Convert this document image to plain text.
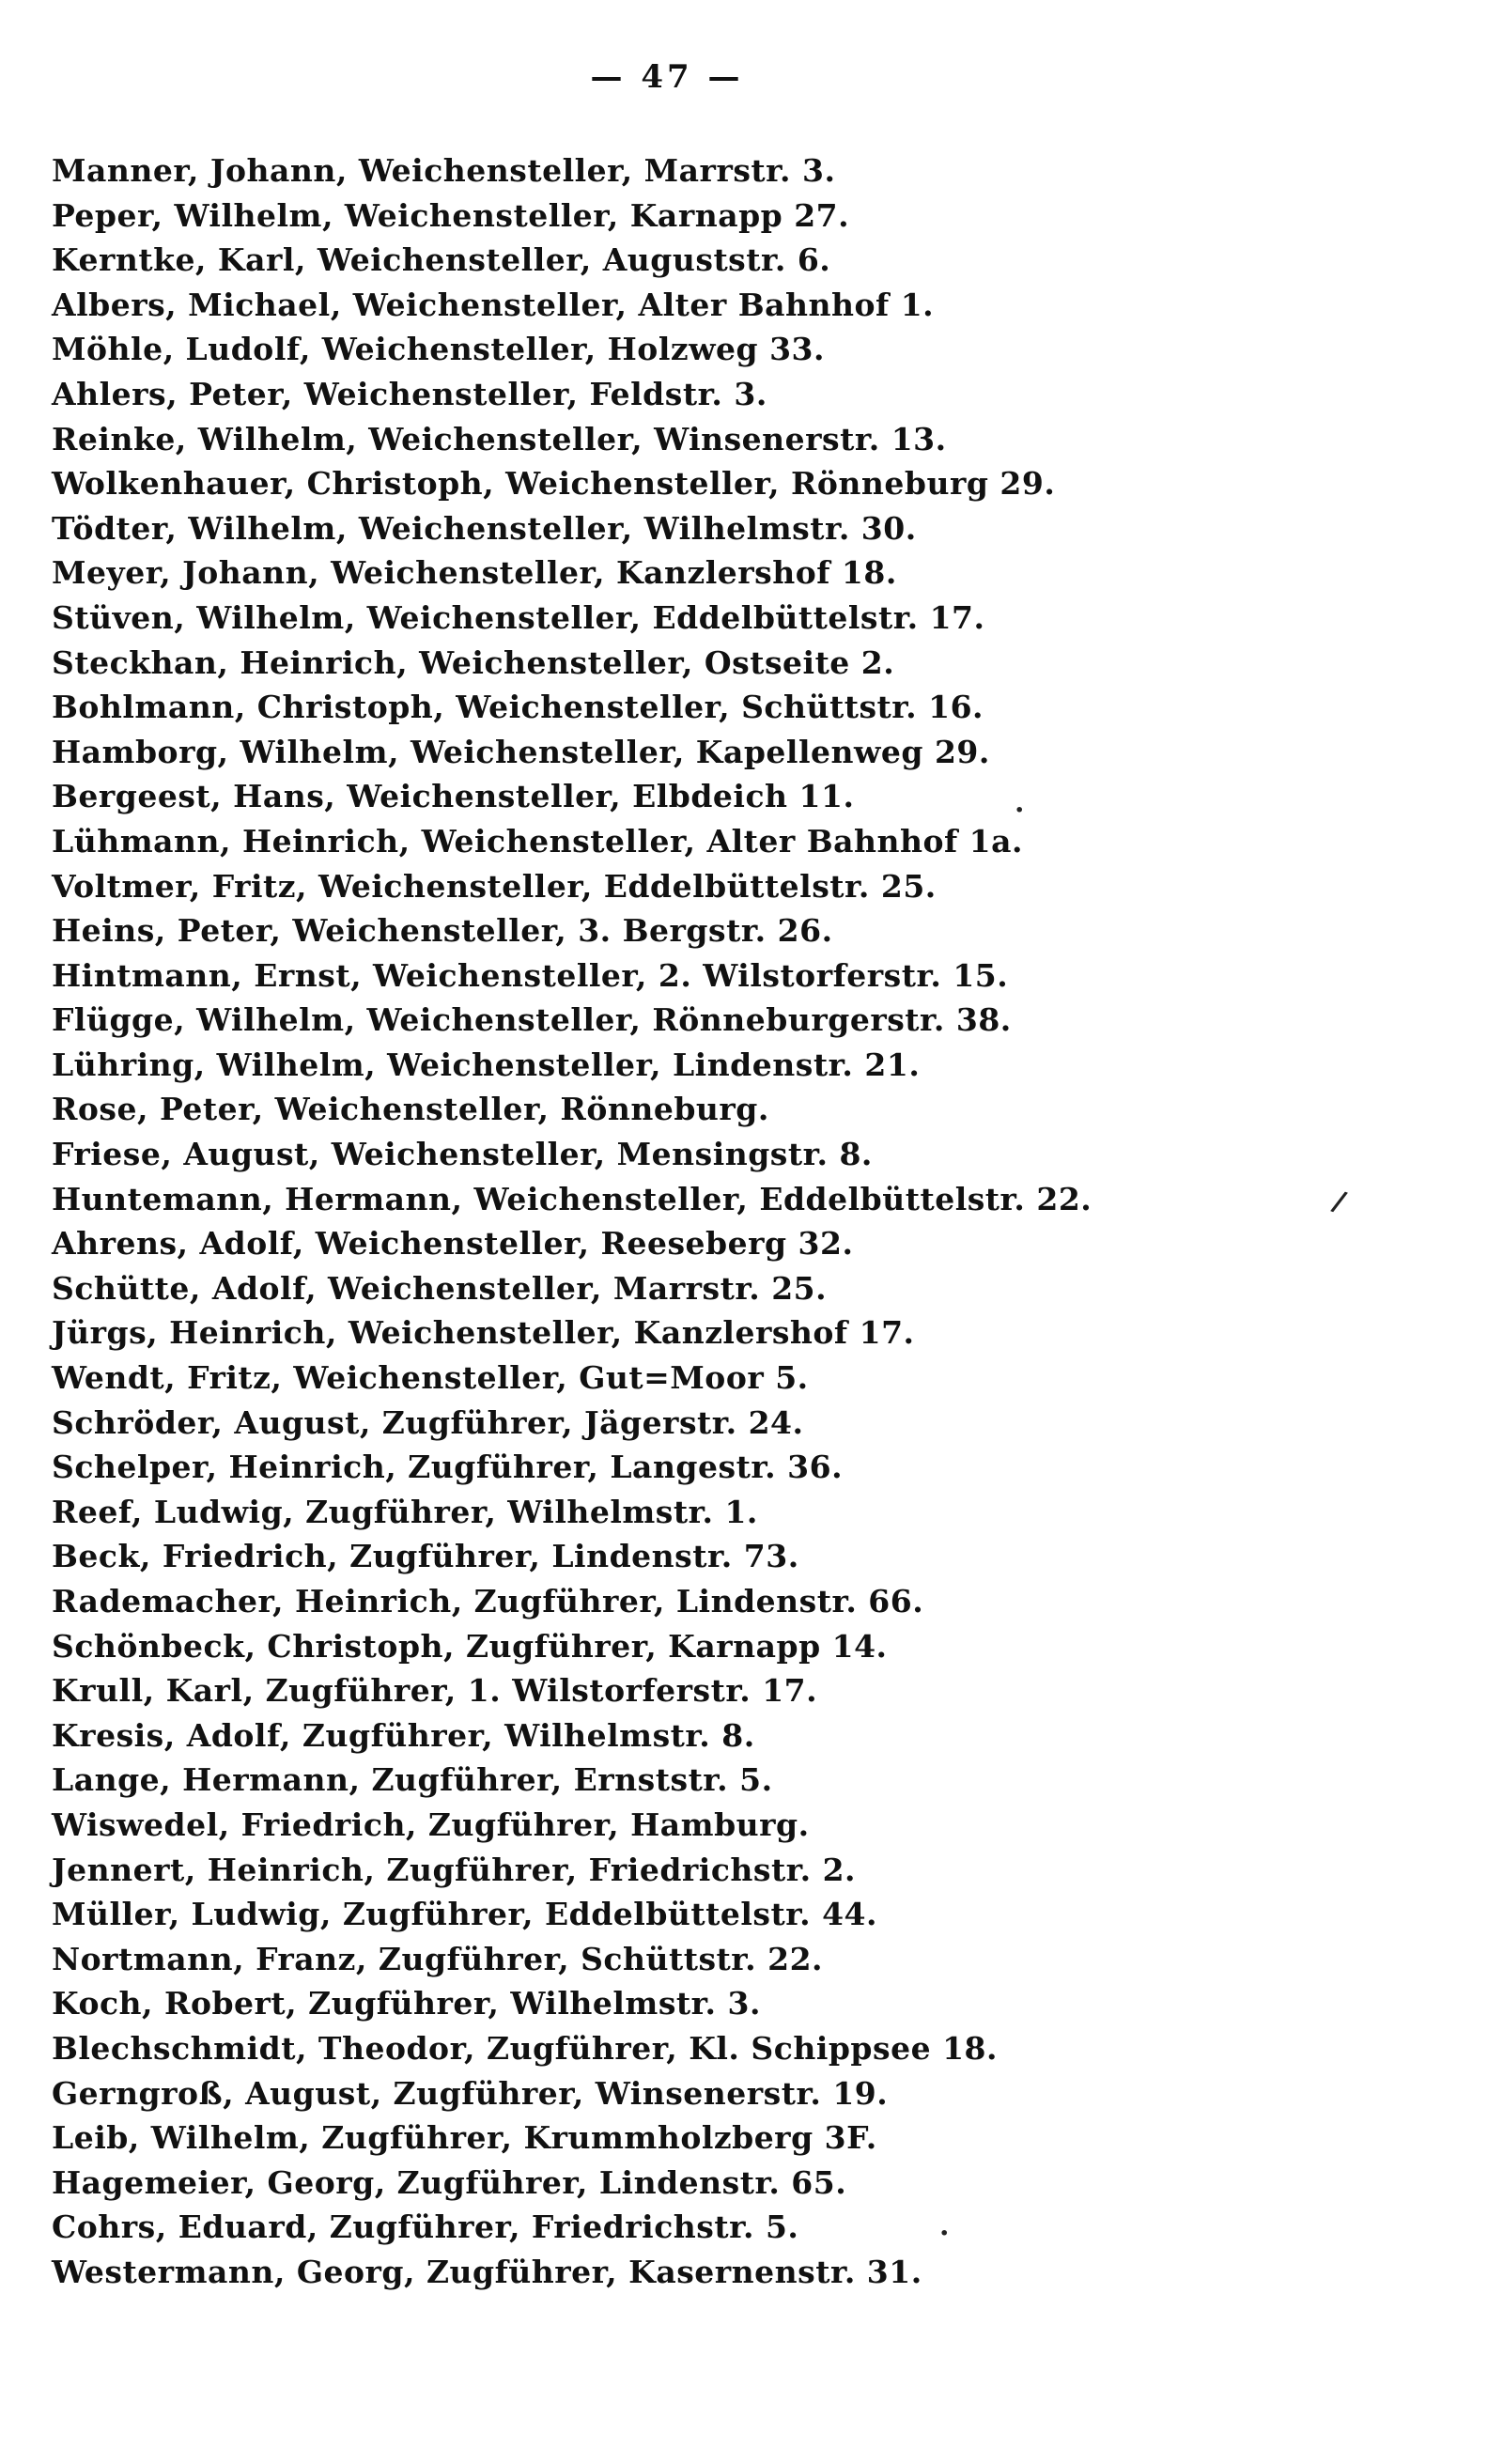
— 47 —
Manner, Johann, Weichensteller, Marrstr. 3.
Peper, Wilhelm, Weichensteller, Karnapp 27.
Kerntke, Karl, Weichensteller, Auguststr. 6.
Albers, Michael, Weichensteller, Alter Bahnhof 1.
Möhle, Ludolf, Weichensteller, Holzweg 33.
Ahlers, Peter, Weichensteller, Feldstr. 3.
Reinke, Wilhelm, Weichensteller, Winsenerstr. 13.
Wolkenhauer, Christoph, Weichensteller, Rönneburg 29.
Tödter, Wilhelm, Weichensteller, Wilhelmstr. 30.
Meyer, Johann, Weichensteller, Kanzlershof 18.
Stüven, Wilhelm, Weichensteller, Eddelbüttelstr. 17.
Steckhan, Heinrich, Weichensteller, Ostseite 2.
Bohlmann, Christoph, Weichensteller, Schüttstr. 16.
Hamborg, Wilhelm, Weichensteller, Kapellenweg 29.
Bergeest, Hans, Weichensteller, Elbdeich 11.
Lühmann, Heinrich, Weichensteller, Alter Bahnhof 1a.
Voltmer, Fritz, Weichensteller, Eddelbüttelstr. 25.
Heins, Peter, Weichensteller, 3. Bergstr. 26.
Hintmann, Ernst, Weichensteller, 2. Wilstorferstr. 15.
Flügge, Wilhelm, Weichensteller, Rönneburgerstr. 38.
Lühring, Wilhelm, Weichensteller, Lindenstr. 21.
Rose, Peter, Weichensteller, Rönneburg.
Friese, August, Weichensteller, Mensingstr. 8.
Huntemann, Hermann, Weichensteller, Eddelbüttelstr. 22.
Ahrens, Adolf, Weichensteller, Reeseberg 32.
Schütte, Adolf, Weichensteller, Marrstr. 25.
Jürgs, Heinrich, Weichensteller, Kanzlershof 17.
Wendt, Fritz, Weichensteller, Gut=Moor 5.
Schröder, August, Zugführer, Jägerstr. 24.
Schelper, Heinrich, Zugführer, Langestr. 36.
Reef, Ludwig, Zugführer, Wilhelmstr. 1.
Beck, Friedrich, Zugführer, Lindenstr. 73.
Rademacher, Heinrich, Zugführer, Lindenstr. 66.
Schönbeck, Christoph, Zugführer, Karnapp 14.
Krull, Karl, Zugführer, 1. Wilstorferstr. 17.
Kresis, Adolf, Zugführer, Wilhelmstr. 8.
Lange, Hermann, Zugführer, Ernststr. 5.
Wiswedel, Friedrich, Zugführer, Hamburg.
Jennert, Heinrich, Zugführer, Friedrichstr. 2.
Müller, Ludwig, Zugführer, Eddelbüttelstr. 44.
Nortmann, Franz, Zugführer, Schüttstr. 22.
Koch, Robert, Zugführer, Wilhelmstr. 3.
Blechschmidt, Theodor, Zugführer, Kl. Schippsee 18.
Gerngroß, August, Zugführer, Winsenerstr. 19.
Leib, Wilhelm, Zugführer, Krummholzberg 3F.
Hagemeier, Georg, Zugführer, Lindenstr. 65.
Cohrs, Eduard, Zugführer, Friedrichstr. 5.
Westermann, Georg, Zugführer, Kasernenstr. 31.
·
/
·
